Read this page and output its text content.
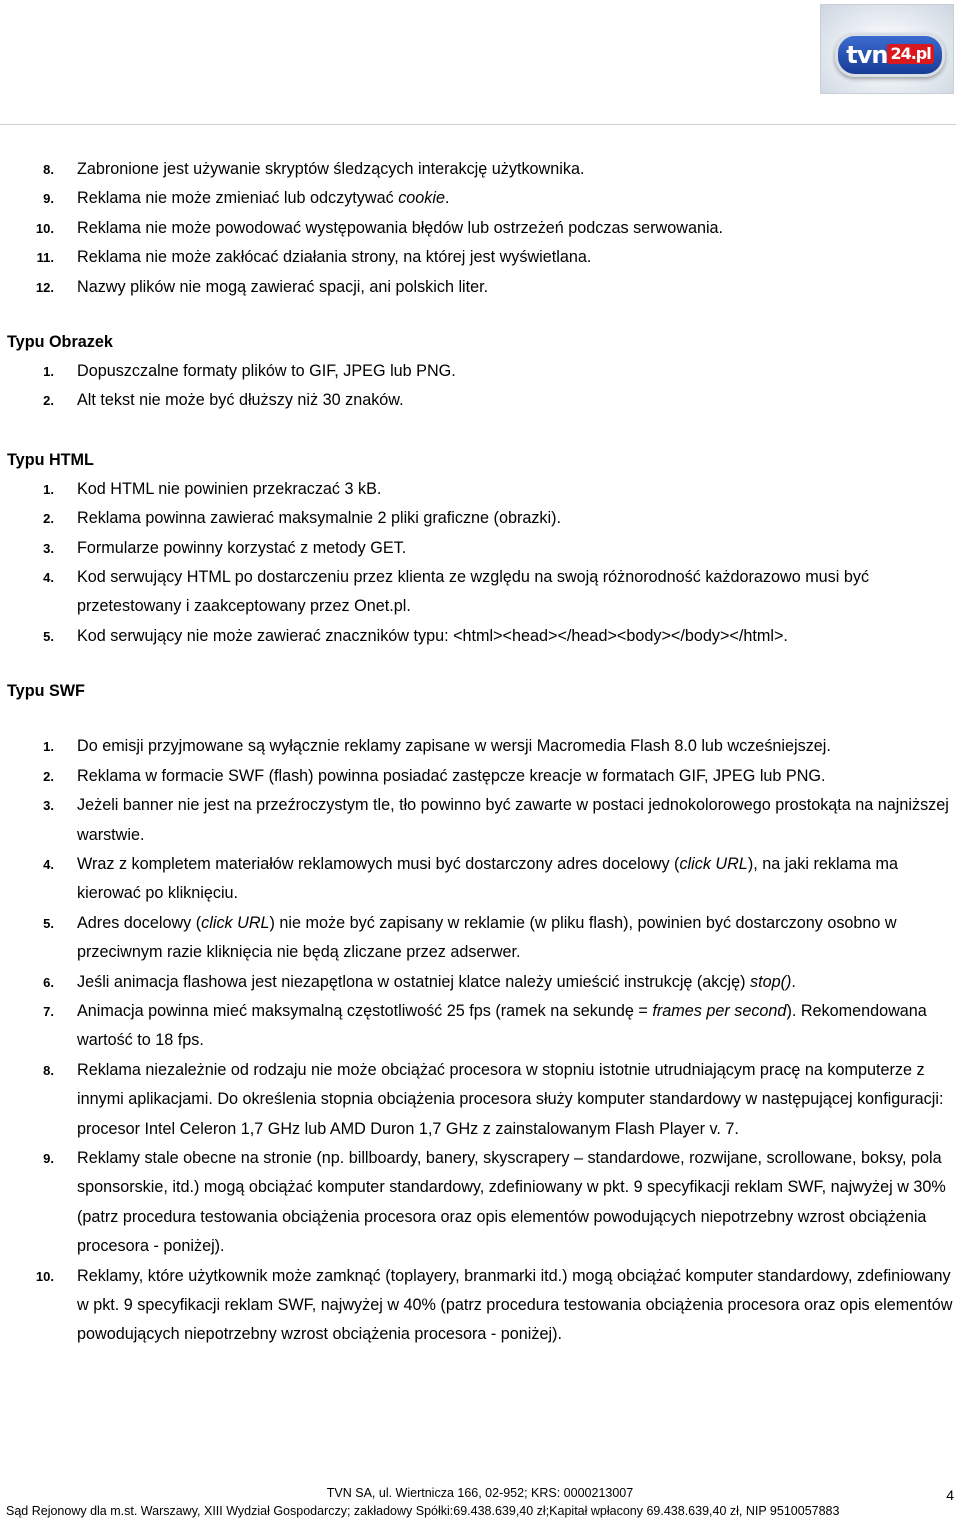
tvn 24.pl
Biuro Reklamy: ul. Wiertnicza 166, 02-952 Warszawa, tel. (022) 453 3105, fax (022) 8566496
Marta Jończyk, e-mail: m.jonczyk@tvn.pl

8. Zabronione jest używanie skryptów śledzących interakcję użytkownika.

9. Reklama nie może zmieniać lub odczytywać cookie.

10. Reklama nie może powodować występowania błędów lub ostrzeżeń podczas serwowania.

11. Reklama nie może zakłócać działania strony, na której jest wyświetlana.

12. Nazwy plików nie mogą zawierać spacji, ani polskich liter.

Typu Obrazek

1. Dopuszczalne formaty plików to GIF, JPEG lub PNG.

2. Alt tekst nie może być dłuższy niż 30 znaków.

Typu HTML

1. Kod HTML nie powinien przekraczać 3 kB.

2. Reklama powinna zawierać maksymalnie 2 pliki graficzne (obrazki).

3. Formularze powinny korzystać z metody GET.

4. Kod serwujący HTML po dostarczeniu przez klienta ze względu na swoją różnorodność każdorazowo musi być przetestowany i zaakceptowany przez Onet.pl.

5. Kod serwujący nie może zawierać znaczników typu: <html><head></head><body></body></html>.

Typu SWF

1. Do emisji przyjmowane są wyłącznie reklamy zapisane w wersji Macromedia Flash 8.0 lub wcześniejszej.

2. Reklama w formacie SWF (flash) powinna posiadać zastępcze kreacje w formatach GIF, JPEG lub PNG.

3. Jeżeli banner nie jest na przeźroczystym tle, tło powinno być zawarte w postaci jednokolorowego prostokąta na najniższej warstwie.

4. Wraz z kompletem materiałów reklamowych musi być dostarczony adres docelowy (click URL), na jaki reklama ma kierować po kliknięciu.

5. Adres docelowy (click URL) nie może być zapisany w reklamie (w pliku flash), powinien być dostarczony osobno w przeciwnym razie kliknięcia nie będą zliczane przez adserwer.

6. Jeśli animacja flashowa jest niezapętlona w ostatniej klatce należy umieścić instrukcję (akcję) stop().

7. Animacja powinna mieć maksymalną częstotliwość 25 fps (ramek na sekundę = frames per second). Rekomendowana wartość to 18 fps.

8. Reklama niezależnie od rodzaju nie może obciążać procesora w stopniu istotnie utrudniającym pracę na komputerze z innymi aplikacjami. Do określenia stopnia obciążenia procesora służy komputer standardowy w następującej konfiguracji: procesor Intel Celeron 1,7 GHz lub AMD Duron 1,7 GHz z zainstalowanym Flash Player v. 7.

9. Reklamy stale obecne na stronie (np. billboardy, banery, skyscrapery – standardowe, rozwijane, scrollowane, boksy, pola sponsorskie, itd.) mogą obciążać komputer standardowy, zdefiniowany w pkt. 9 specyfikacji reklam SWF, najwyżej w 30% (patrz procedura testowania obciążenia procesora oraz opis elementów powodujących niepotrzebny wzrost obciążenia procesora - poniżej).

10. Reklamy, które użytkownik może zamknąć (toplayery, branmarki itd.) mogą obciążać komputer standardowy, zdefiniowany w pkt. 9 specyfikacji reklam SWF, najwyżej w 40% (patrz procedura testowania obciążenia procesora oraz opis elementów powodujących niepotrzebny wzrost obciążenia procesora - poniżej).

TVN SA, ul. Wiertnicza 166, 02-952; KRS: 0000213007
Sąd Rejonowy dla m.st. Warszawy, XIII Wydział Gospodarczy; zakładowy Spółki:69.438.639,40 zł;Kapitał wpłacony 69.438.639,40 zł, NIP 9510057883
4
